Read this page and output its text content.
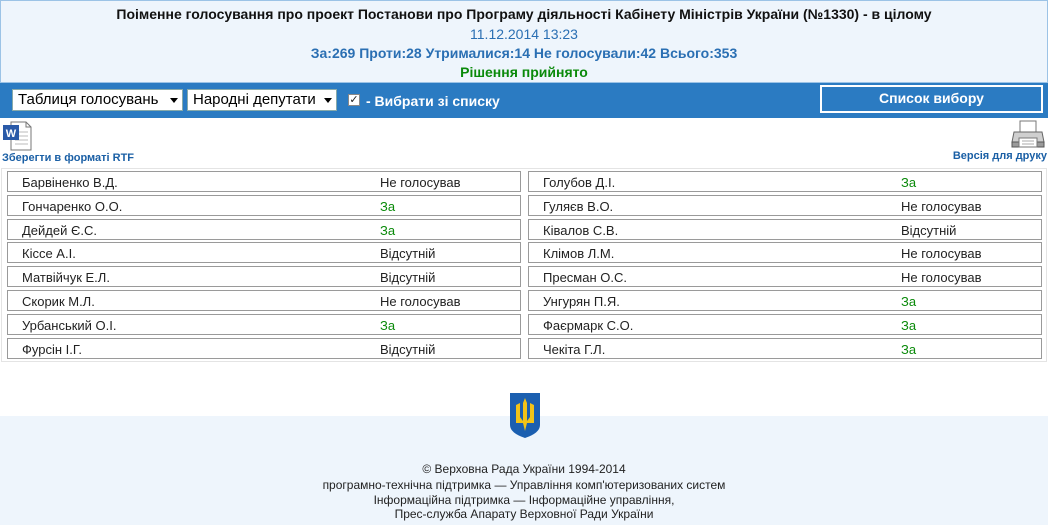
Поіменне голосування про проект Постанови про Програму діяльності Кабінету Міністрів України (№1330) - в цілому
11.12.2014 13:23
За:269 Проти:28 Утрималися:14 Не голосували:42 Всього:353
Рішення прийнято
Таблиця голосувань	Народні депутати	✓ - Вибрати зі списку	Список вибору
W
Зберегти в форматі RTF	Версія для друку
Барвіненко В.Д.	Не голосував
Гончаренко О.О.	За
Дейдей Є.С.	За
Кіссе А.І.	Відсутній
Матвійчук Е.Л.	Відсутній
Скорик М.Л.	Не голосував
Урбанський О.І.	За
Фурсін І.Г.	Відсутній
Голубов Д.І.	За
Гуляєв В.О.	Не голосував
Ківалов С.В.	Відсутній
Клімов Л.М.	Не голосував
Пресман О.С.	Не голосував
Унгурян П.Я.	За
Фаєрмарк С.О.	За
Чекіта Г.Л.	За
© Верховна Рада України 1994-2014
програмно-технічна підтримка — Управління комп'ютеризованих систем
Інформаційна підтримка — Інформаційне управління,
Прес-служба Апарату Верховної Ради України
